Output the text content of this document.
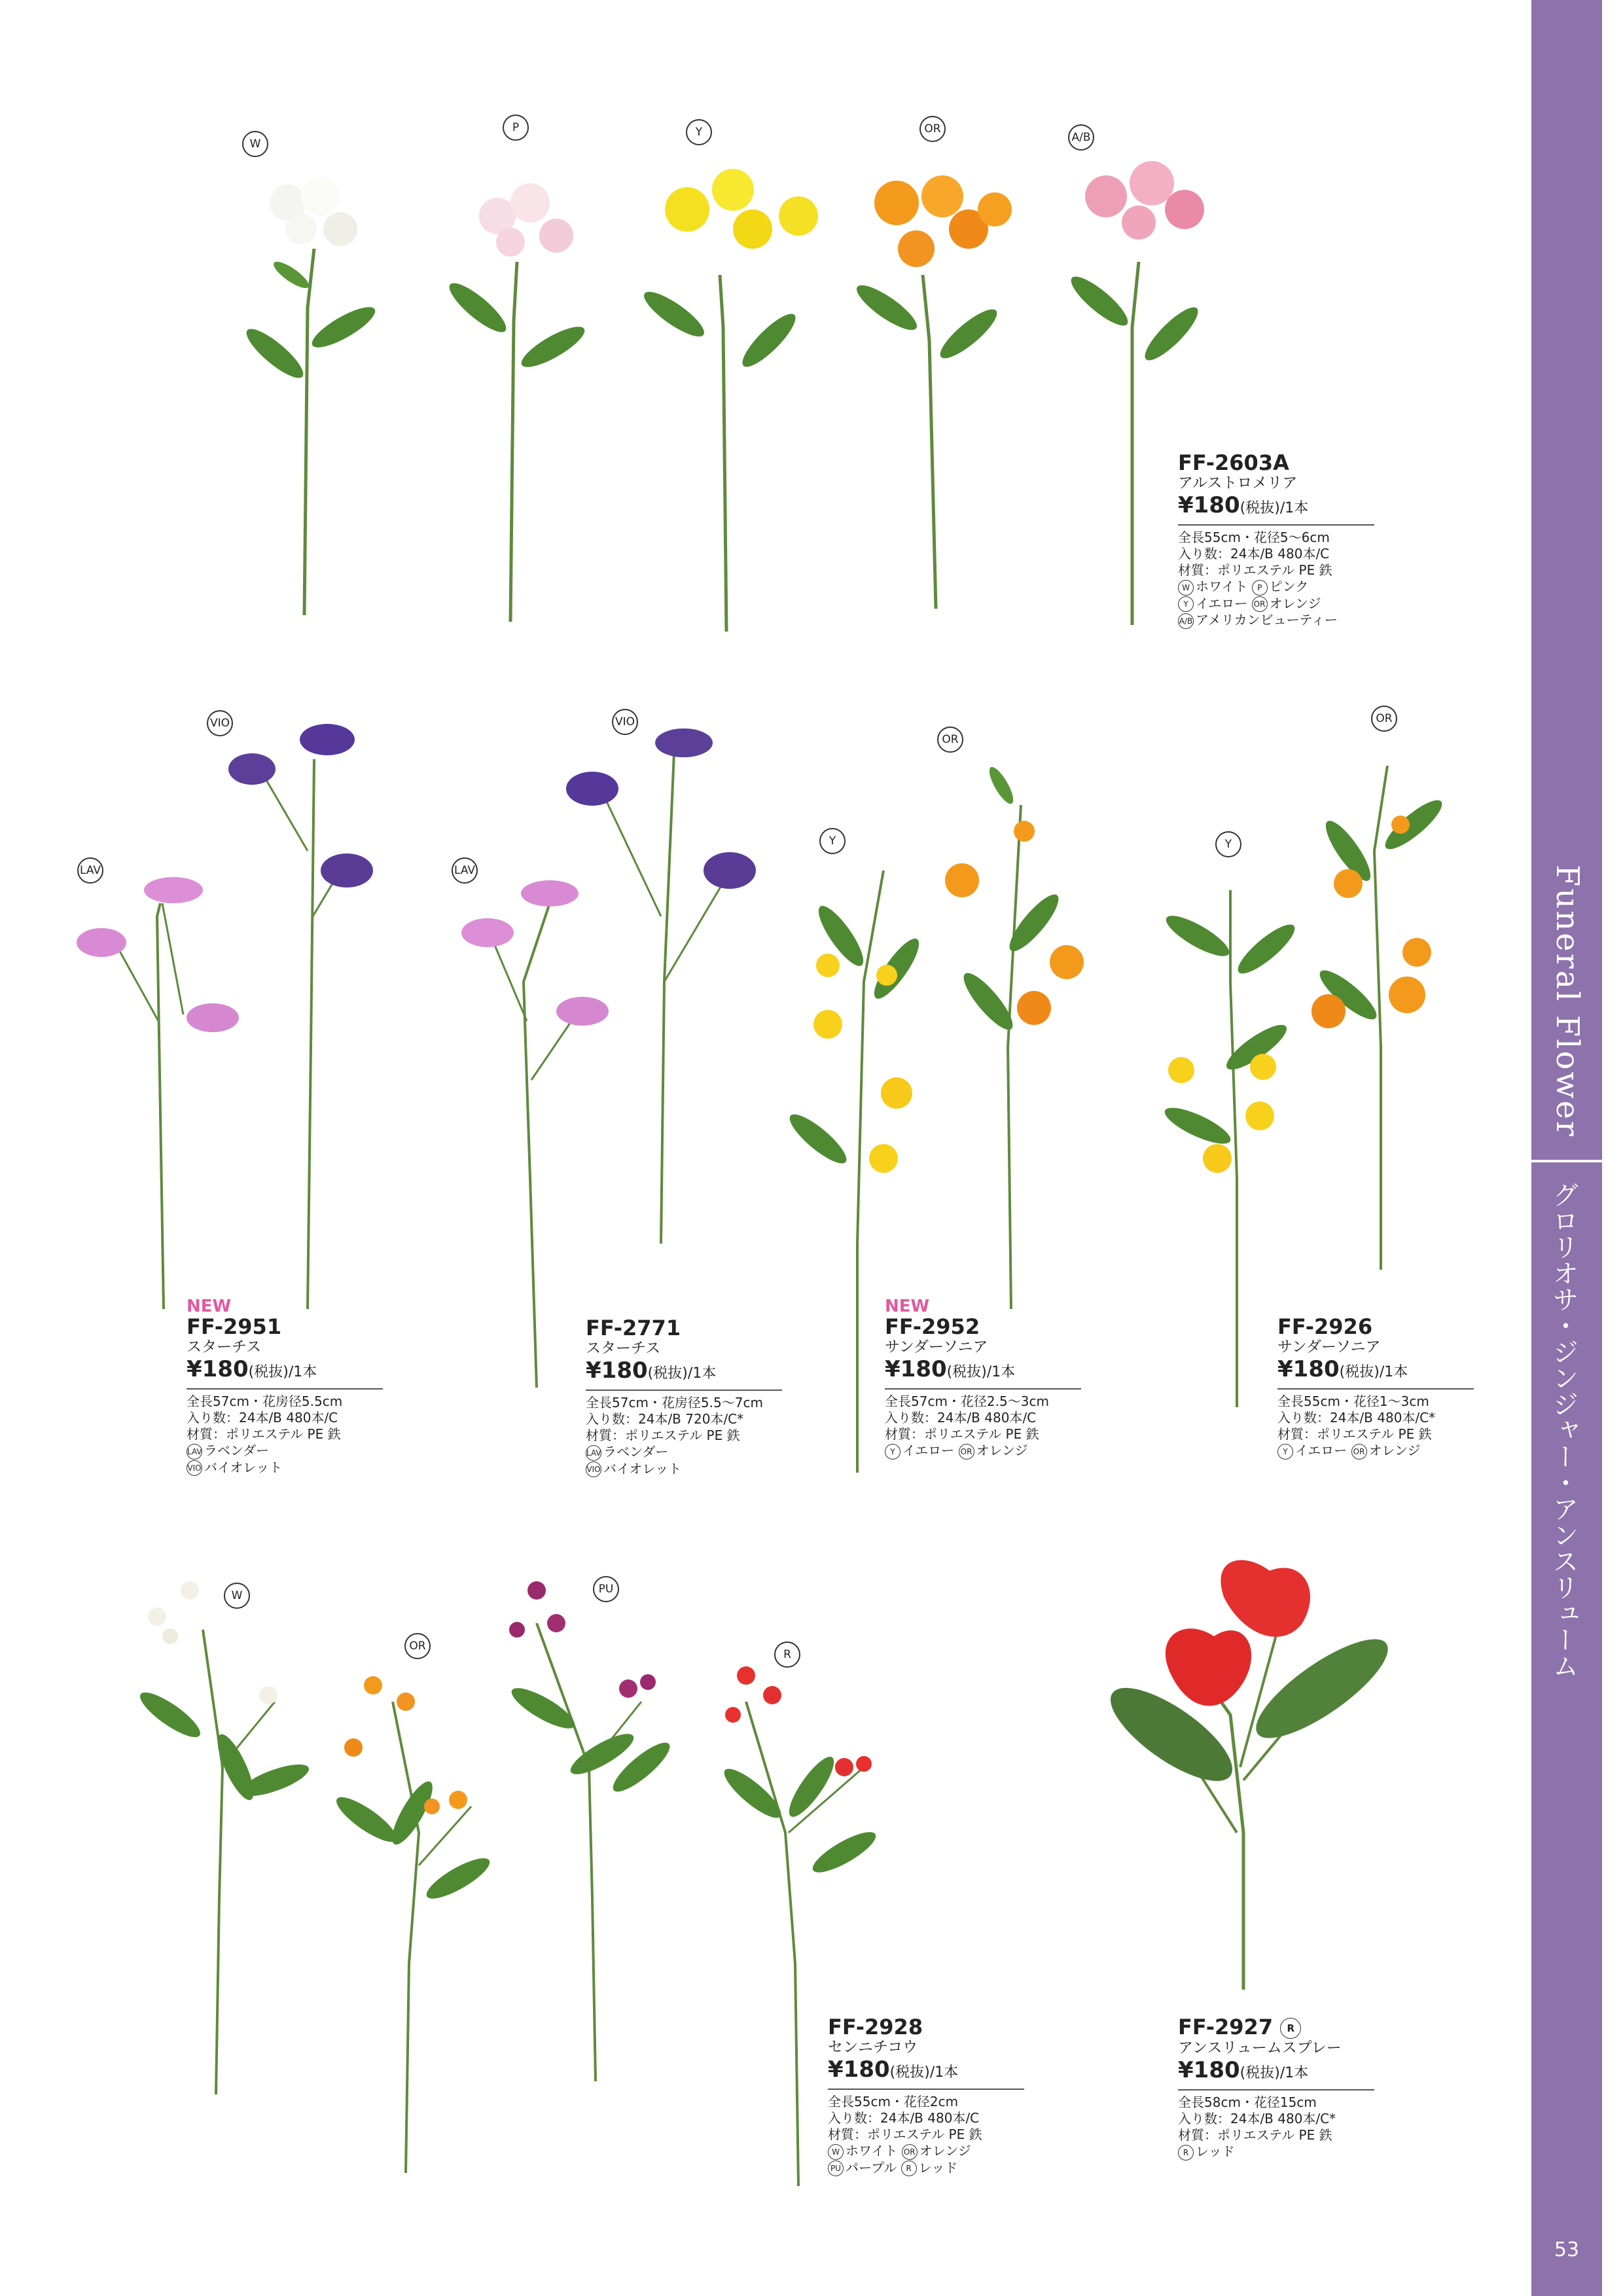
Funeral Flower
グロリオサ・ジンジャー・アンスリューム
53
W
P	Y	OR
A/B
LAV
VIO
LAV
VIO
Y
OR
Y
OR
W
OR
PU
R
FF-2603A
アルストロメリア
¥180(税抜)/1本
全長55cm・花径5〜6cm
入り数：24本/B 480本/C
材質：ポリエステル PE 鉄
W ホワイト P ピンク
Y イエロー OR オレンジ
A/B アメリカンビューティー
NEW
FF-2951
スターチス
¥180(税抜)/1本
全長57cm・花房径5.5cm
入り数：24本/B 480本/C
材質：ポリエステル PE 鉄
LAV ラベンダー
VIO バイオレット
FF-2771
スターチス
¥180(税抜)/1本
全長57cm・花房径5.5〜7cm
入り数：24本/B 720本/C*
材質：ポリエステル PE 鉄
LAV ラベンダー
VIO バイオレット
NEW
FF-2952
サンダーソニア
¥180(税抜)/1本
全長57cm・花径2.5〜3cm
入り数：24本/B 480本/C
材質：ポリエステル PE 鉄
Y イエロー OR オレンジ
FF-2926
サンダーソニア
¥180(税抜)/1本
全長55cm・花径1〜3cm
入り数：24本/B 480本/C*
材質：ポリエステル PE 鉄
Y イエロー OR オレンジ
FF-2928
センニチコウ
¥180(税抜)/1本
全長55cm・花径2cm
入り数：24本/B 480本/C
材質：ポリエステル PE 鉄
W ホワイト OR オレンジ
PU パープル R レッド
FF-2927 R
アンスリュームスプレー
¥180(税抜)/1本
全長58cm・花径15cm
入り数：24本/B 480本/C*
材質：ポリエステル PE 鉄
R レッド
